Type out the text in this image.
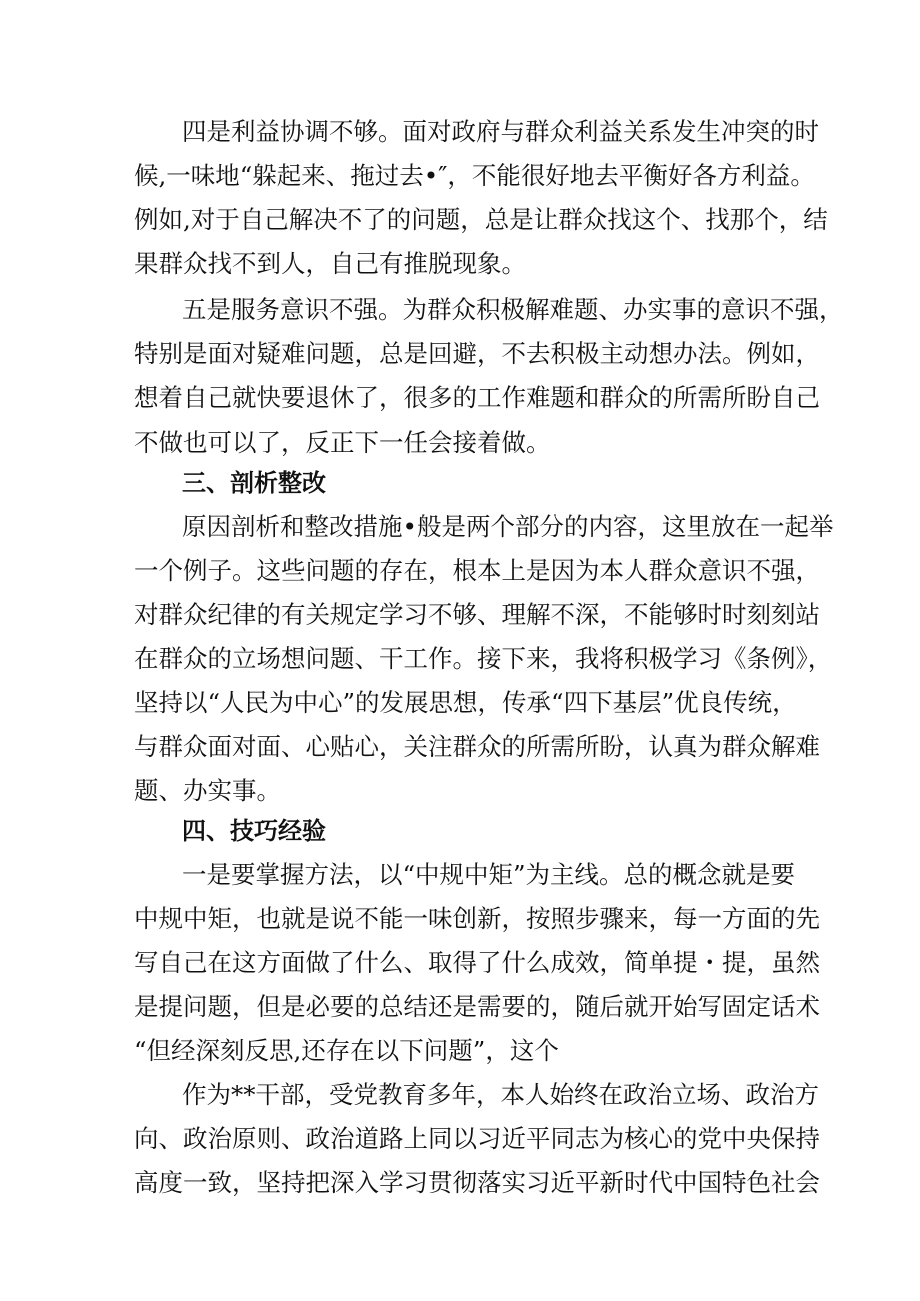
四是利益协调不够。面对政府与群众利益关系发生冲突的时
候,一味地“躲起来、拖过去•″，不能很好地去平衡好各方利益。
例如,对于自己解决不了的问题，总是让群众找这个、找那个，结
果群众找不到人，自己有推脱现象。
五是服务意识不强。为群众积极解难题、办实事的意识不强，
特别是面对疑难问题，总是回避，不去积极主动想办法。例如，
想着自己就快要退休了，很多的工作难题和群众的所需所盼自己
不做也可以了，反正下一任会接着做。
三、剖析整改
原因剖析和整改措施•般是两个部分的内容，这里放在一起举
一个例子。这些问题的存在，根本上是因为本人群众意识不强，
对群众纪律的有关规定学习不够、理解不深，不能够时时刻刻站
在群众的立场想问题、干工作。接下来，我将积极学习《条例》，
坚持以“人民为中心”的发展思想，传承“四下基层”优良传统，
与群众面对面、心贴心，关注群众的所需所盼，认真为群众解难
题、办实事。
四、技巧经验
一是要掌握方法，以“中规中矩”为主线。总的概念就是要
中规中矩，也就是说不能一味创新，按照步骤来，每一方面的先
写自己在这方面做了什么、取得了什么成效，简单提・提，虽然
是提问题，但是必要的总结还是需要的，随后就开始写固定话术
“但经深刻反思,还存在以下问题”，这个
作为**干部，受党教育多年，本人始终在政治立场、政治方
向、政治原则、政治道路上同以习近平同志为核心的党中央保持
高度一致，坚持把深入学习贯彻落实习近平新时代中国特色社会
